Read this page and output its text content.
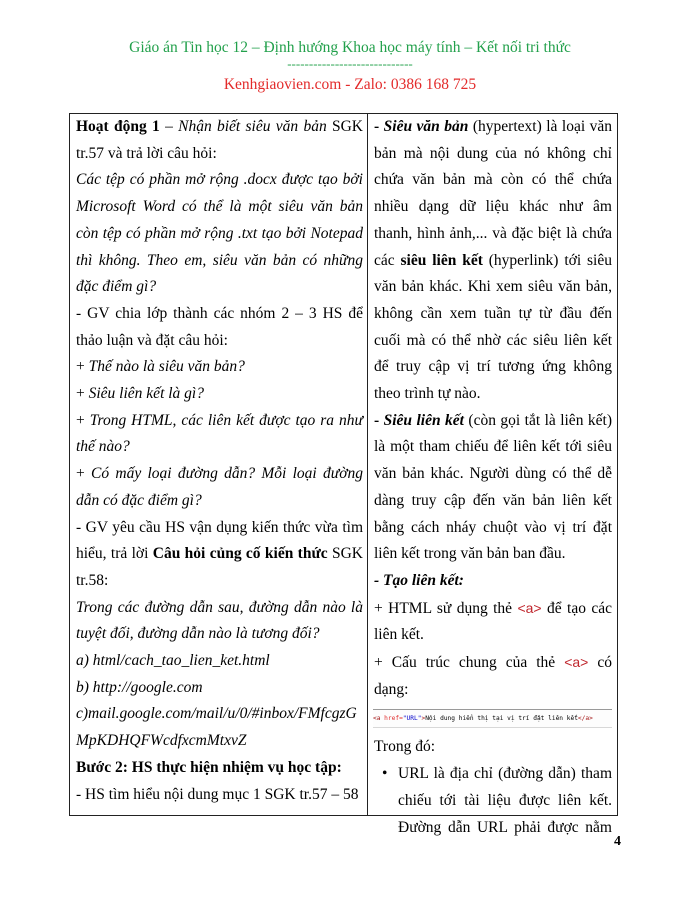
Giáo án Tin học 12 – Định hướng Khoa học máy tính – Kết nối tri thức
-----------------------------
Kenhgiaovien.com - Zalo: 0386 168 725

Hoạt động 1 – Nhận biết siêu văn bản SGK

tr.57 và trả lời câu hỏi:

Các tệp có phần mở rộng .docx được tạo bởi

Microsoft Word có thể là một siêu văn bản

còn tệp có phần mở rộng .txt tạo bởi Notepad

thì không. Theo em, siêu văn bản có những

đặc điểm gì?

- GV chia lớp thành các nhóm 2 – 3 HS để

thảo luận và đặt câu hỏi:

+ Thế nào là siêu văn bản?

+ Siêu liên kết là gì?

+ Trong HTML, các liên kết được tạo ra như

thế nào?

+ Có mấy loại đường dẫn? Mỗi loại đường

dẫn có đặc điểm gì?

- GV yêu cầu HS vận dụng kiến thức vừa tìm

hiểu, trả lời Câu hỏi củng cố kiến thức SGK

tr.58:

Trong các đường dẫn sau, đường dẫn nào là

tuyệt đối, đường dẫn nào là tương đối?

a) html/cach_tao_lien_ket.html

b) http://google.com

c)mail.google.com/mail/u/0/#inbox/FMfcgzG

MpKDHQFWcdfxcmMtxvZ

Bước 2: HS thực hiện nhiệm vụ học tập:

- HS tìm hiểu nội dung mục 1 SGK tr.57 – 58

- Siêu văn bản (hypertext) là loại văn

bản mà nội dung của nó không chỉ

chứa văn bản mà còn có thể chứa

nhiều dạng dữ liệu khác như âm

thanh, hình ảnh,... và đặc biệt là chứa

các siêu liên kết (hyperlink) tới siêu

văn bản khác. Khi xem siêu văn bản,

không cần xem tuần tự từ đầu đến

cuối mà có thể nhờ các siêu liên kết

để truy cập vị trí tương ứng không

theo trình tự nào.

- Siêu liên kết (còn gọi tắt là liên kết)

là một tham chiếu để liên kết tới siêu

văn bản khác. Người dùng có thể dễ

dàng truy cập đến văn bản liên kết

bằng cách nháy chuột vào vị trí đặt

liên kết trong văn bản ban đầu.

- Tạo liên kết:

+ HTML sử dụng thẻ <a> để tạo các

liên kết.

+ Cấu trúc chung của thẻ <a> có dạng:

<a href="URL">Nội dung hiển thị tại vị trí đặt liên kết</a>

Trong đó:

• URL là địa chỉ (đường dẫn) tham

chiếu tới tài liệu được liên kết.

Đường dẫn URL phải được nằm

4
